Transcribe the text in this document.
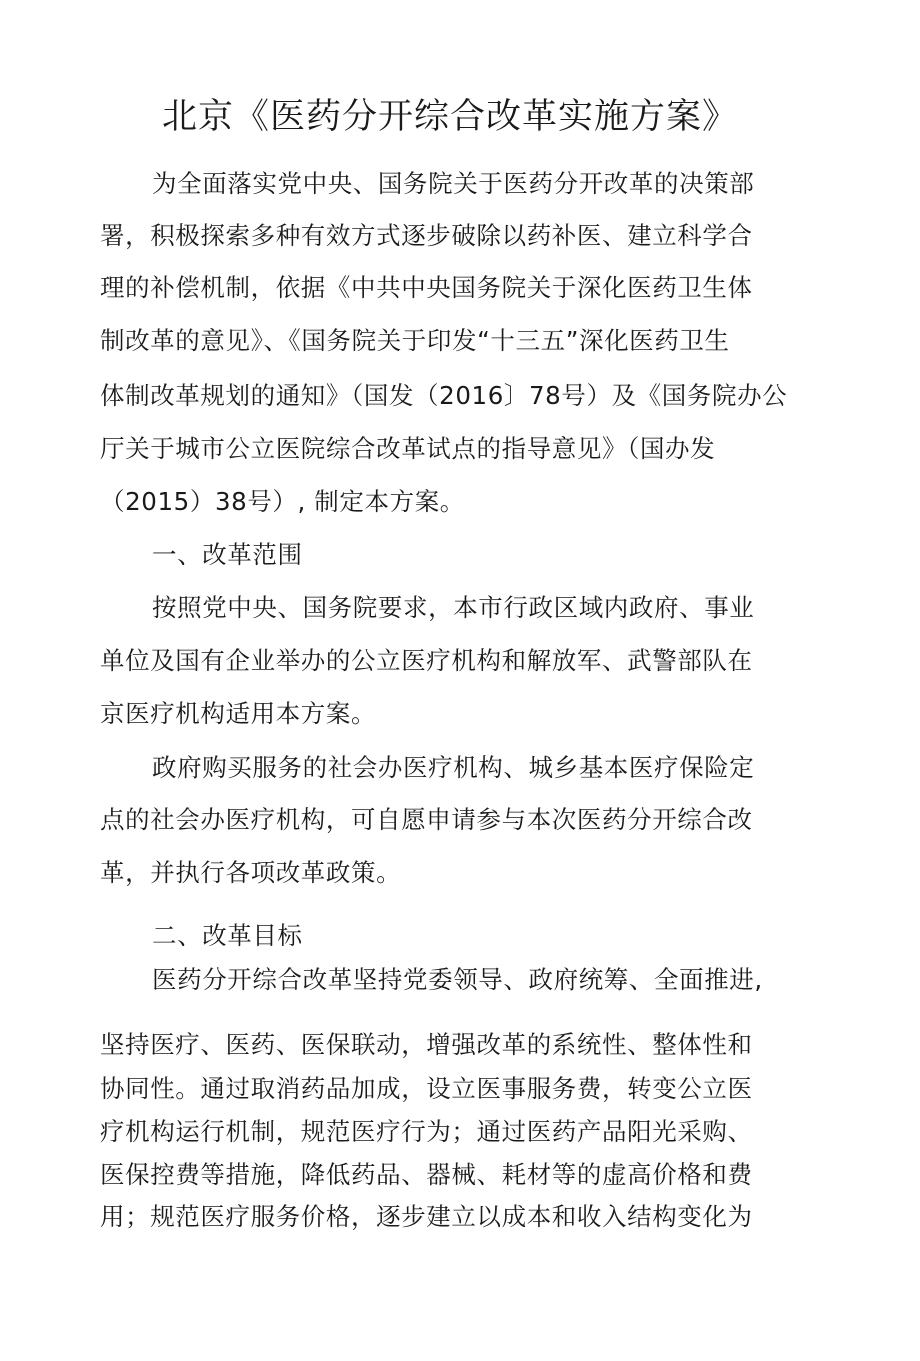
北京《医药分开综合改革实施方案》
为全面落实党中央、国务院关于医药分开改革的决策部
署，积极探索多种有效方式逐步破除以药补医、建立科学合
理的补偿机制，依据《中共中央国务院关于深化医药卫生体
制改革的意见》、《国务院关于印发“十三五”深化医药卫生
体制改革规划的通知》（国发（2016〕78号）及《国务院办公
厅关于城市公立医院综合改革试点的指导意见》（国办发
（2015）38号）, 制定本方案。
一、改革范围
按照党中央、国务院要求，本市行政区域内政府、事业
单位及国有企业举办的公立医疗机构和解放军、武警部队在
京医疗机构适用本方案。
政府购买服务的社会办医疗机构、城乡基本医疗保险定
点的社会办医疗机构，可自愿申请参与本次医药分开综合改
革，并执行各项改革政策。
二、改革目标
医药分开综合改革坚持党委领导、政府统筹、全面推进,
坚持医疗、医药、医保联动，增强改革的系统性、整体性和
协同性。通过取消药品加成，设立医事服务费，转变公立医
疗机构运行机制，规范医疗行为；通过医药产品阳光采购、
医保控费等措施，降低药品、器械、耗材等的虚高价格和费
用；规范医疗服务价格，逐步建立以成本和收入结构变化为
